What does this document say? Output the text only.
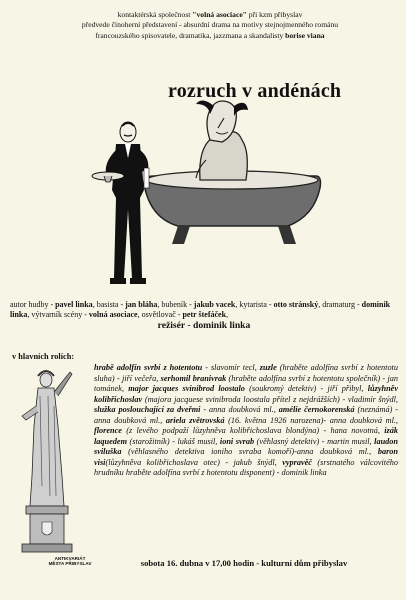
kontaktérská společnost "volná asociace" při kzm přibyslav
předvede činoherní představení - absurdní drama na motivy stejnojmenného románu
francouzského spisovatele, dramatika, jazzmana a skandalisty borise viana
rozruch v andénách
autor hudby - pavel linka, basista - jan bláha, bubeník - jakub vacek, kytarista - otto stránský, dramaturg - dominik linka, výtvarník scény - volná asociace, osvětlovač - petr štefáček,
režisér - dominik linka
v hlavních rolích:
ANTIKVARIÁT
MĚSTA PŘIBYSLAV
hrabě adolfín svrbí z hotentotu - slavomír tecl, zuzle (hraběte adolfína svrbí z hotentotu sluha) - jiří večeřa, serhomil branivrak (hraběte adolfína svrbí z hotentotu společník) - jan tománek, major jacques svinibrod loostalo (soukromý detektiv) - jiří přibyl, lůzyhněv kolibřichoslav (majora jacquese svinibroda loostala přítel z nejdrážších) - vladimír šnýdl, služka poslouchající za dveřmi - anna doubková ml., amélie černokorenská (neznámá) - anna doubková ml., ariela zvětrovská (16. května 1926 narozena)- anna doubková ml., florence (z levého podpaží lůzyhněva kolibřichoslava blondýna) - hana novotná, izák laquedem (starožitník) - lukáš musil, ioni svrab (věhlasný detektiv) - martin musil, laudon sviluška (věhlasného detektiva ioniho svraba komoří)-anna doubková ml., baron visi(lůzyhněva kolibřichoslava otec) - jakub šnýdl, vypravěč (srstnatého válcovitého hrudníku hraběte adolfína svrbí z hotentotu disponent) - dominik linka
sobota 16. dubna v 17,00 hodin - kulturní dům přibyslav
